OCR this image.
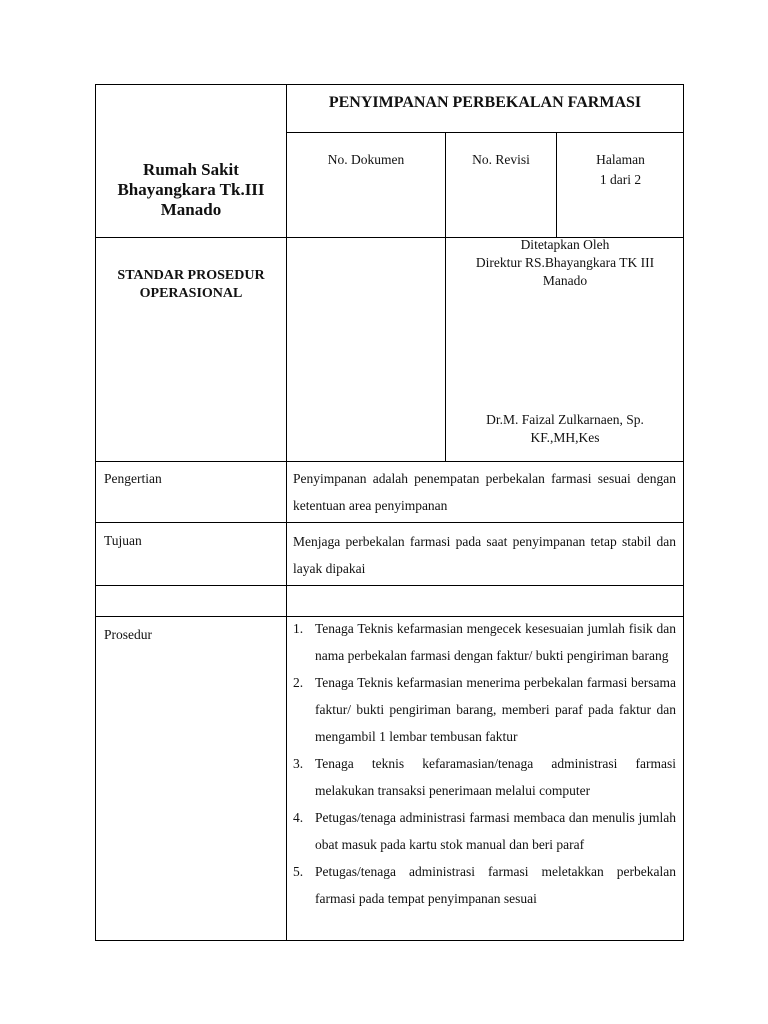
Rumah Sakit Bhayangkara Tk.III Manado
PENYIMPANAN PERBEKALAN FARMASI
No. Dokumen	No. Revisi	Halaman
1 dari 2
STANDAR PROSEDUR OPERASIONAL
Ditetapkan Oleh
Direktur RS.Bhayangkara TK III Manado
Dr.M. Faizal Zulkarnaen, Sp. KF.,MH,Kes
Pengertian	Penyimpanan adalah penempatan perbekalan farmasi sesuai dengan ketentuan area penyimpanan
Tujuan	Menjaga perbekalan farmasi pada saat penyimpanan tetap stabil dan layak dipakai
Prosedur	1. Tenaga Teknis kefarmasian mengecek kesesuaian jumlah fisik dan nama perbekalan farmasi dengan faktur/ bukti pengiriman barang
2. Tenaga Teknis kefarmasian menerima perbekalan farmasi bersama faktur/ bukti pengiriman barang, memberi paraf pada faktur dan mengambil 1 lembar tembusan faktur
3. Tenaga teknis kefaramasian/tenaga administrasi farmasi melakukan transaksi penerimaan melalui computer
4. Petugas/tenaga administrasi farmasi membaca dan menulis jumlah obat masuk pada kartu stok manual dan beri paraf
5. Petugas/tenaga administrasi farmasi meletakkan perbekalan farmasi pada tempat penyimpanan sesuai
